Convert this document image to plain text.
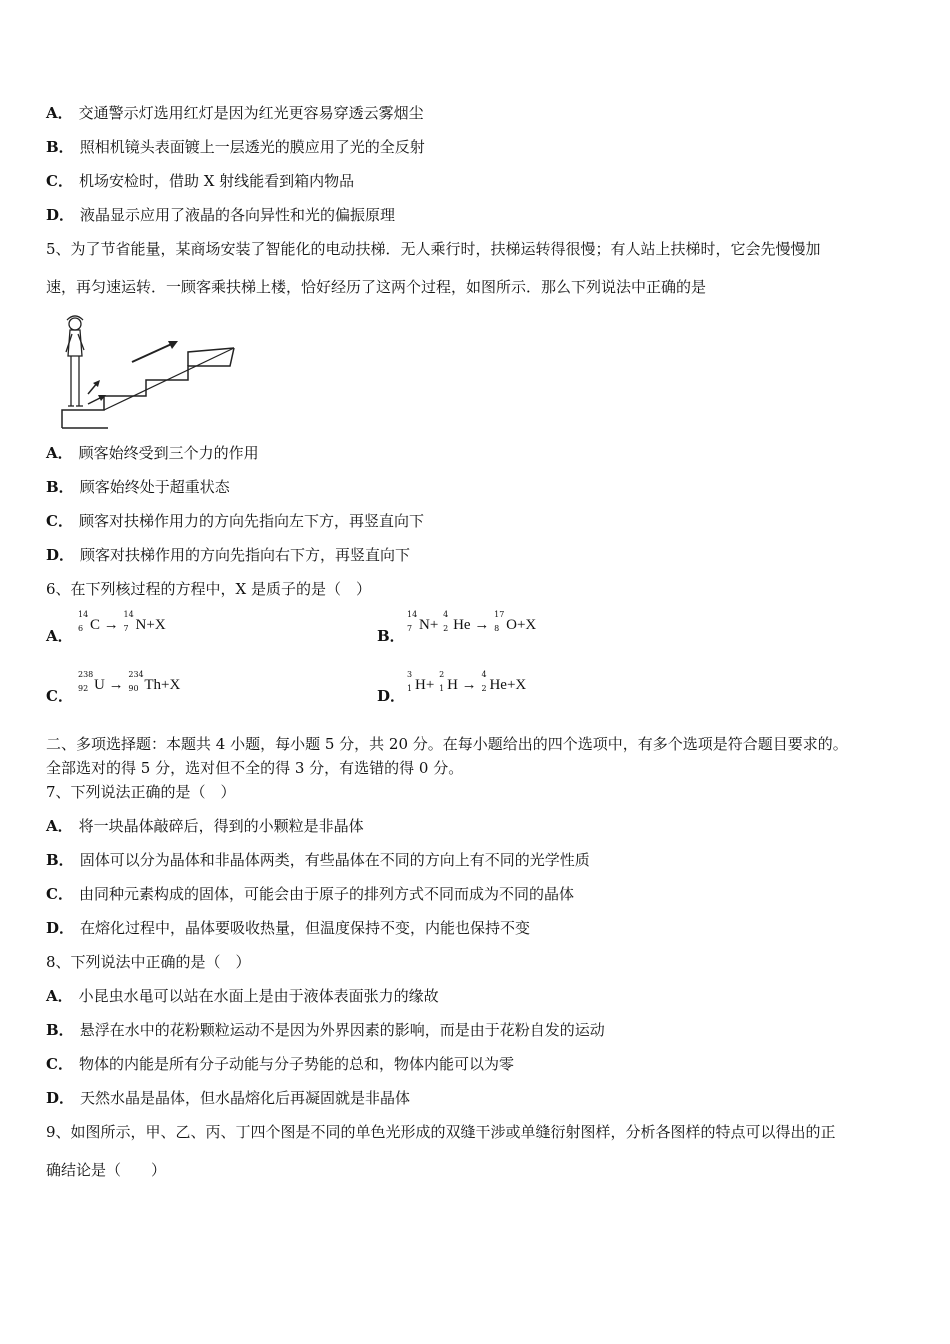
A． 交通警示灯选用红灯是因为红光更容易穿透云雾烟尘
B． 照相机镜头表面镀上一层透光的膜应用了光的全反射
C． 机场安检时，借助 X 射线能看到箱内物品
D． 液晶显示应用了液晶的各向异性和光的偏振原理
5、为了节省能量，某商场安装了智能化的电动扶梯．无人乘行时，扶梯运转得很慢；有人站上扶梯时，它会先慢慢加
速，再匀速运转．一顾客乘扶梯上楼，恰好经历了这两个过程，如图所示．那么下列说法中正确的是
A． 顾客始终受到三个力的作用
B． 顾客始终处于超重状态
C． 顾客对扶梯作用力的方向先指向左下方，再竖直向下
D． 顾客对扶梯作用的方向先指向右下方，再竖直向下
6、在下列核过程的方程中，X 是质子的是（　）
A．
14
6 C →
14
7 N+X
B．
14
7 N+
4
2 He →
17
8 O+X
C．
238
92 U →
234
90 Th+X
D．
3
1 H+
2
1 H →
4
2 He+X
二、多项选择题：本题共 4 小题，每小题 5 分，共 20 分。在每小题给出的四个选项中，有多个选项是符合题目要求的。
全部选对的得 5 分，选对但不全的得 3 分，有选错的得 0 分。
7、下列说法正确的是（　）
A． 将一块晶体敲碎后，得到的小颗粒是非晶体
B． 固体可以分为晶体和非晶体两类，有些晶体在不同的方向上有不同的光学性质
C． 由同种元素构成的固体，可能会由于原子的排列方式不同而成为不同的晶体
D． 在熔化过程中，晶体要吸收热量，但温度保持不变，内能也保持不变
8、下列说法中正确的是（　）
A． 小昆虫水黾可以站在水面上是由于液体表面张力的缘故
B． 悬浮在水中的花粉颗粒运动不是因为外界因素的影响，而是由于花粉自发的运动
C． 物体的内能是所有分子动能与分子势能的总和，物体内能可以为零
D． 天然水晶是晶体，但水晶熔化后再凝固就是非晶体
9、如图所示，甲、乙、丙、丁四个图是不同的单色光形成的双缝干涉或单缝衍射图样，分析各图样的特点可以得出的正
确结论是（　　）
